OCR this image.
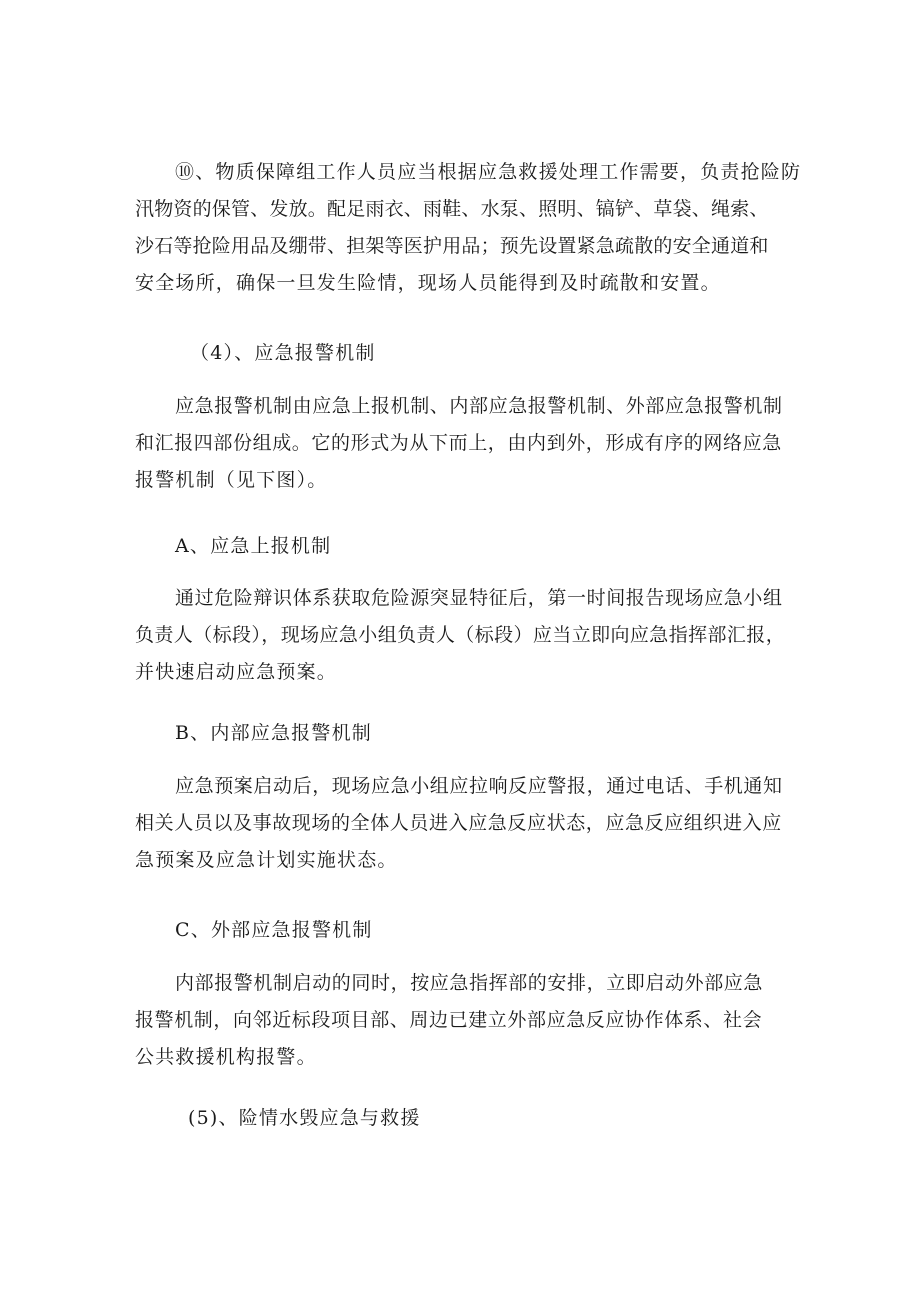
⑩、物质保障组工作人员应当根据应急救援处理工作需要，负责抢险防
汛物资的保管、发放。配足雨衣、雨鞋、水泵、照明、镐铲、草袋、绳索、
沙石等抢险用品及绷带、担架等医护用品；预先设置紧急疏散的安全通道和
安全场所，确保一旦发生险情，现场人员能得到及时疏散和安置。
（4）、应急报警机制
应急报警机制由应急上报机制、内部应急报警机制、外部应急报警机制
和汇报四部份组成。它的形式为从下而上，由内到外，形成有序的网络应急
报警机制（见下图）。
A、应急上报机制
通过危险辩识体系获取危险源突显特征后，第一时间报告现场应急小组
负责人（标段），现场应急小组负责人（标段）应当立即向应急指挥部汇报，
并快速启动应急预案。
B、内部应急报警机制
应急预案启动后，现场应急小组应拉响反应警报，通过电话、手机通知
相关人员以及事故现场的全体人员进入应急反应状态，应急反应组织进入应
急预案及应急计划实施状态。
C、外部应急报警机制
内部报警机制启动的同时，按应急指挥部的安排，立即启动外部应急
报警机制，向邻近标段项目部、周边已建立外部应急反应协作体系、社会
公共救援机构报警。
(5)、险情水毁应急与救援
